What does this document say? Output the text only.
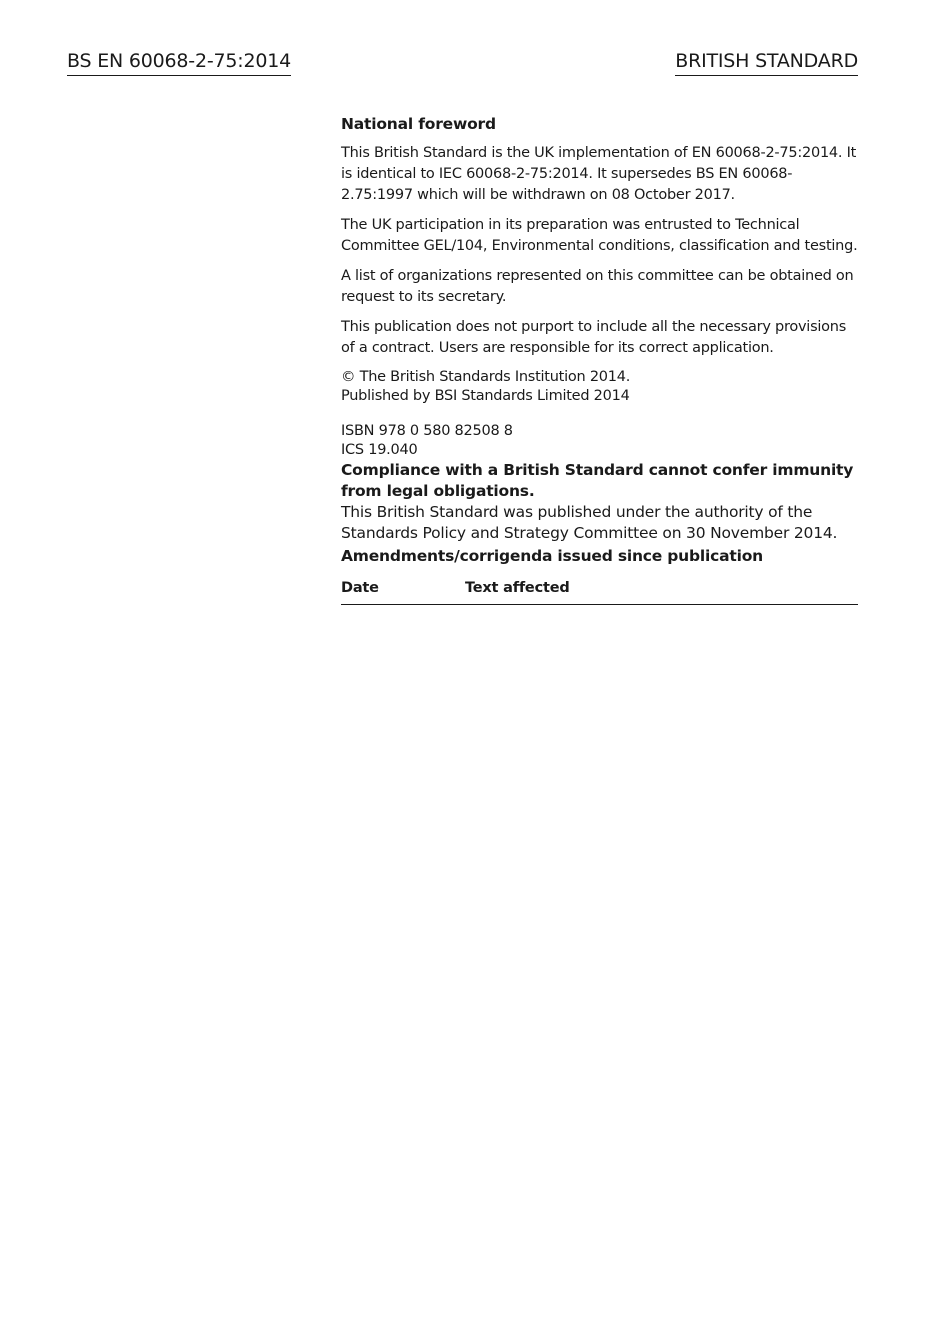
BS EN 60068-2-75:2014	BRITISH STANDARD
National foreword

This British Standard is the UK implementation of EN 60068-2-75:2014. It is identical to IEC 60068-2-75:2014. It supersedes BS EN 60068-2.75:1997 which will be withdrawn on 08 October 2017.

The UK participation in its preparation was entrusted to Technical Committee GEL/104, Environmental conditions, classification and testing.

A list of organizations represented on this committee can be obtained on request to its secretary.

This publication does not purport to include all the necessary provisions of a contract. Users are responsible for its correct application.

© The British Standards Institution 2014.
Published by BSI Standards Limited 2014
ISBN 978 0 580 82508 8
ICS 19.040

Compliance with a British Standard cannot confer immunity from legal obligations.

This British Standard was published under the authority of the Standards Policy and Strategy Committee on 30 November 2014.

Amendments/corrigenda issued since publication
Date	Text affected
